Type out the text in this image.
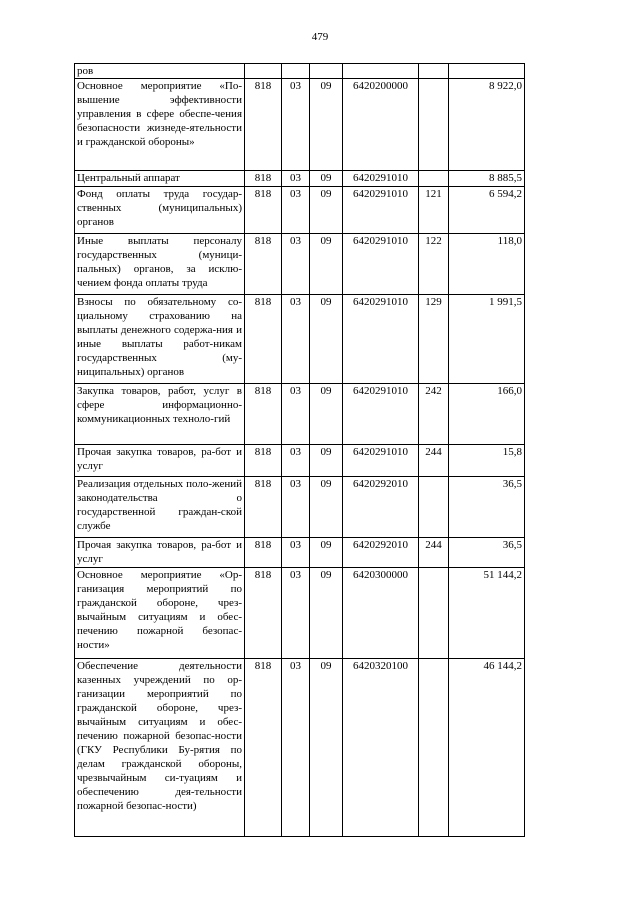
479
ров						
Основное мероприятие «По-вышение эффективности управления в сфере обеспе-чения безопасности жизнеде-ятельности и гражданской обороны»	818	03	09	6420200000		8 922,0
Центральный аппарат	818	03	09	6420291010		8 885,5
Фонд оплаты труда государ-ственных (муниципальных) органов	818	03	09	6420291010	121	6 594,2
Иные выплаты персоналу государственных (муници-пальных) органов, за исклю-чением фонда оплаты труда	818	03	09	6420291010	122	118,0
Взносы по обязательному со-циальному страхованию на выплаты денежного содержа-ния и иные выплаты работ-никам государственных (му-ниципальных) органов	818	03	09	6420291010	129	1 991,5
Закупка товаров, работ, услуг в сфере информационно-коммуникационных техноло-гий	818	03	09	6420291010	242	166,0
Прочая закупка товаров, ра-бот и услуг	818	03	09	6420291010	244	15,8
Реализация отдельных поло-жений законодательства о государственной граждан-ской службе	818	03	09	6420292010		36,5
Прочая закупка товаров, ра-бот и услуг	818	03	09	6420292010	244	36,5
Основное мероприятие «Ор-ганизация мероприятий по гражданской обороне, чрез-вычайным ситуациям и обес-печению пожарной безопас-ности»	818	03	09	6420300000		51 144,2
Обеспечение деятельности казенных учреждений по ор-ганизации мероприятий по гражданской обороне, чрез-вычайным ситуациям и обес-печению пожарной безопас-ности (ГКУ Республики Бу-рятия по делам гражданской обороны, чрезвычайным си-туациям и обеспечению дея-тельности пожарной безопас-ности)	818	03	09	6420320100		46 144,2
